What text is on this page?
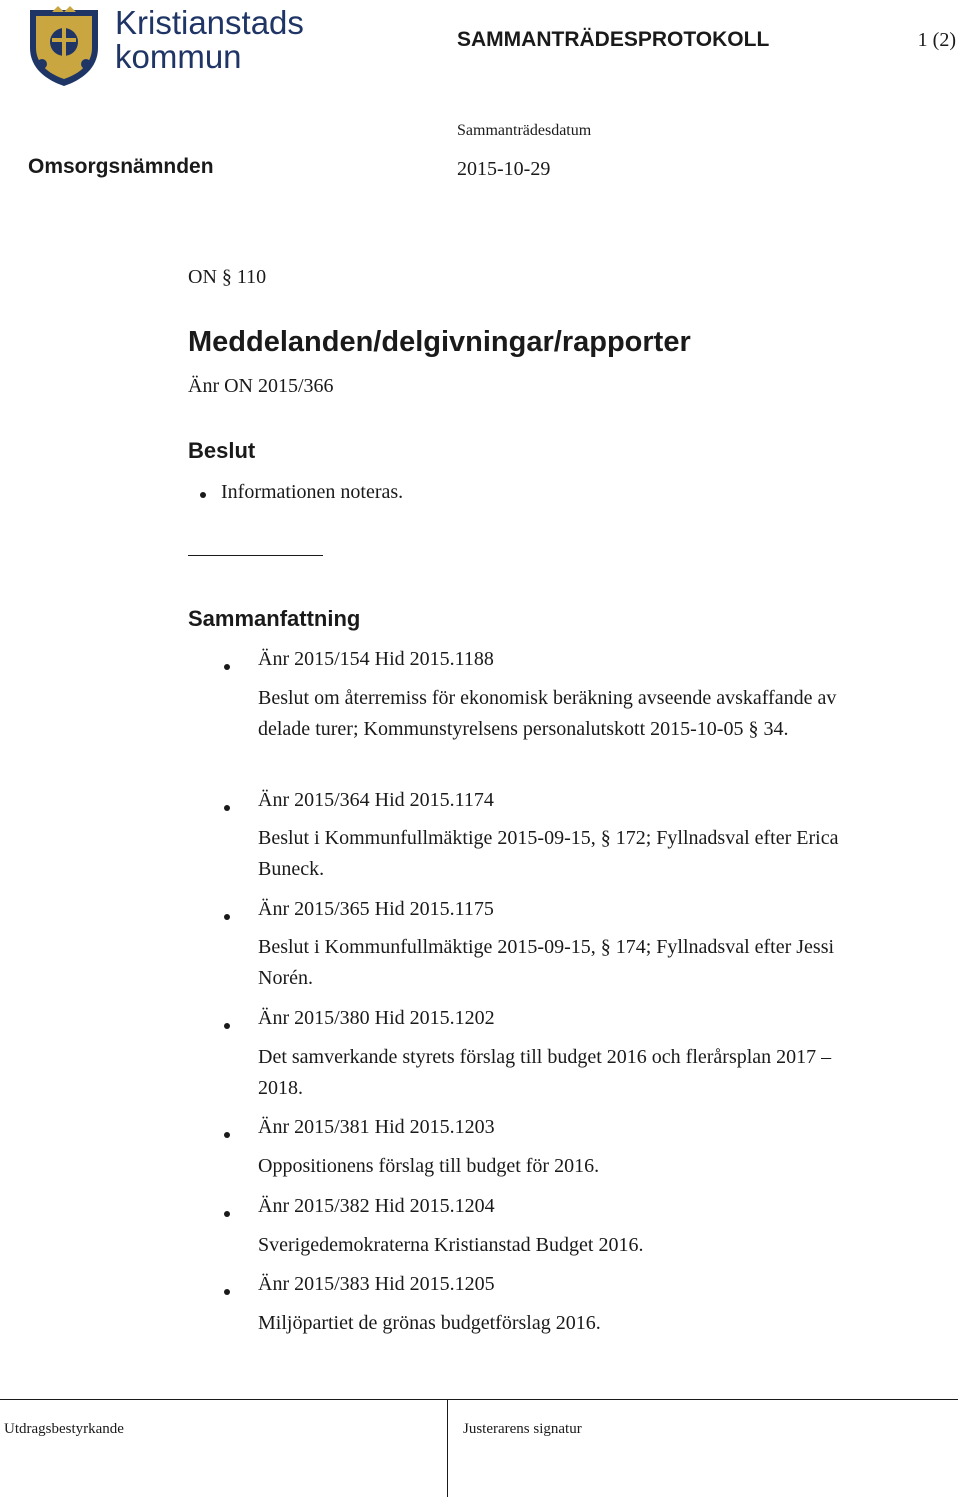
Kristianstads
kommun	SAMMANTRÄDESPROTOKOLL	1 (2)
Sammanträdesdatum
2015-10-29
Omsorgsnämnden
ON § 110
Meddelanden/delgivningar/rapporter
Änr ON 2015/366
Beslut
Informationen noteras.
Sammanfattning
Änr 2015/154 Hid 2015.1188
Beslut om återremiss för ekonomisk beräkning avseende avskaffande av delade turer; Kommunstyrelsens personalutskott 2015-10-05 § 34.
Änr 2015/364 Hid 2015.1174
Beslut i Kommunfullmäktige 2015-09-15, § 172; Fyllnadsval efter Erica Buneck.
Änr 2015/365 Hid 2015.1175
Beslut i Kommunfullmäktige 2015-09-15, § 174; Fyllnadsval efter Jessi Norén.
Änr 2015/380 Hid 2015.1202
Det samverkande styrets förslag till budget 2016 och flerårsplan 2017 – 2018.
Änr 2015/381 Hid 2015.1203
Oppositionens förslag till budget för 2016.
Änr 2015/382 Hid 2015.1204
Sverigedemokraterna Kristianstad Budget 2016.
Änr 2015/383 Hid 2015.1205
Miljöpartiet de grönas budgetförslag 2016.
Utdragsbestyrkande	Justerarens signatur
